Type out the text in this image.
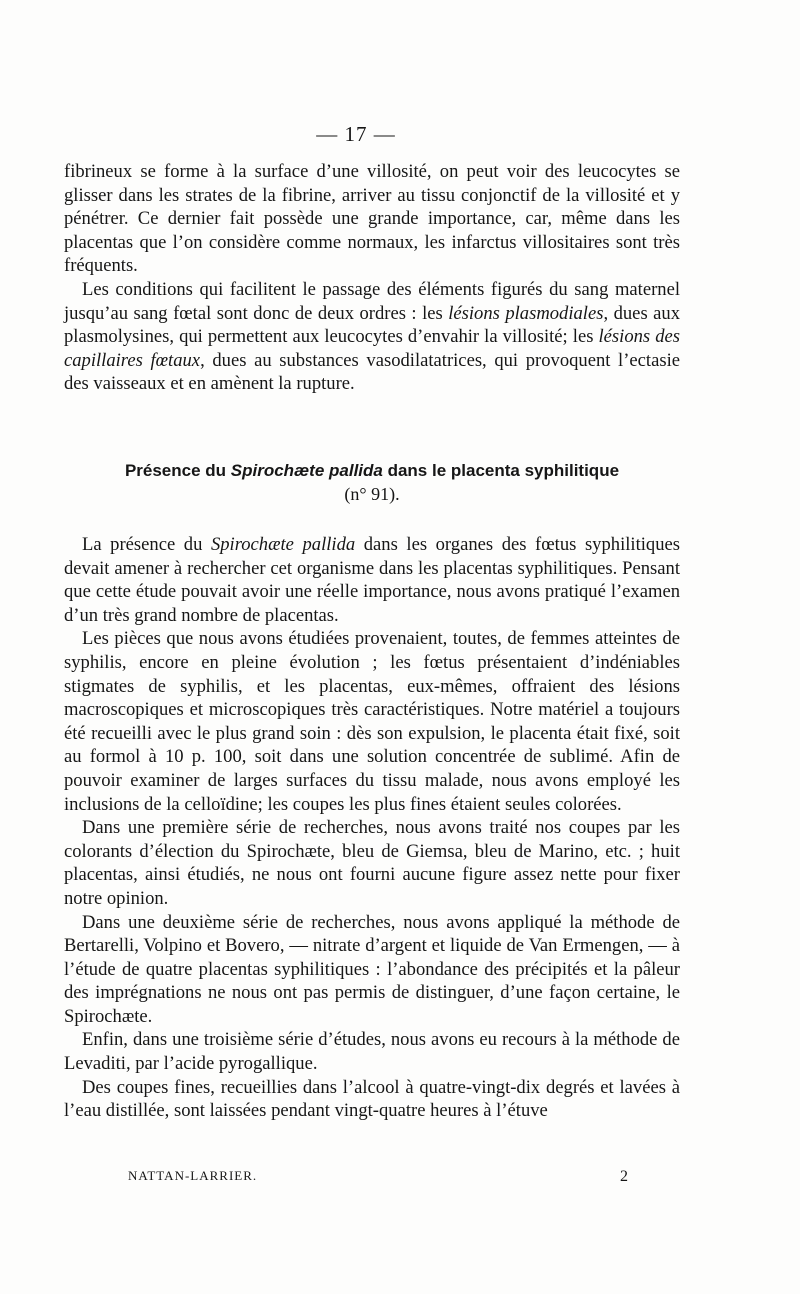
— 17 —

fibrineux se forme à la surface d’une villosité, on peut voir des leucocytes se glisser dans les strates de la fibrine, arriver au tissu conjonctif de la villosité et y pénétrer. Ce dernier fait possède une grande importance, car, même dans les placentas que l’on considère comme normaux, les infarctus villositaires sont très fréquents.

Les conditions qui facilitent le passage des éléments figurés du sang maternel jusqu’au sang fœtal sont donc de deux ordres : les lésions plasmodiales, dues aux plasmolysines, qui permettent aux leucocytes d’envahir la villosité; les lésions des capillaires fœtaux, dues au substances vasodilatatrices, qui provoquent l’ectasie des vaisseaux et en amènent la rupture.

Présence du Spirochæte pallida dans le placenta syphilitique
(n° 91).

La présence du Spirochæte pallida dans les organes des fœtus syphilitiques devait amener à rechercher cet organisme dans les placentas syphilitiques. Pensant que cette étude pouvait avoir une réelle importance, nous avons pratiqué l’examen d’un très grand nombre de placentas.

Les pièces que nous avons étudiées provenaient, toutes, de femmes atteintes de syphilis, encore en pleine évolution ; les fœtus présentaient d’indéniables stigmates de syphilis, et les placentas, eux-mêmes, offraient des lésions macroscopiques et microscopiques très caractéristiques. Notre matériel a toujours été recueilli avec le plus grand soin : dès son expulsion, le placenta était fixé, soit au formol à 10 p. 100, soit dans une solution concentrée de sublimé. Afin de pouvoir examiner de larges surfaces du tissu malade, nous avons employé les inclusions de la celloïdine; les coupes les plus fines étaient seules colorées.

Dans une première série de recherches, nous avons traité nos coupes par les colorants d’élection du Spirochæte, bleu de Giemsa, bleu de Marino, etc. ; huit placentas, ainsi étudiés, ne nous ont fourni aucune figure assez nette pour fixer notre opinion.

Dans une deuxième série de recherches, nous avons appliqué la méthode de Bertarelli, Volpino et Bovero, — nitrate d’argent et liquide de Van Ermengen, — à l’étude de quatre placentas syphilitiques : l’abondance des précipités et la pâleur des imprégnations ne nous ont pas permis de distinguer, d’une façon certaine, le Spirochæte.

Enfin, dans une troisième série d’études, nous avons eu recours à la méthode de Levaditi, par l’acide pyrogallique.

Des coupes fines, recueillies dans l’alcool à quatre-vingt-dix degrés et lavées à l’eau distillée, sont laissées pendant vingt-quatre heures à l’étuve

NATTAN-LARRIER.	2
